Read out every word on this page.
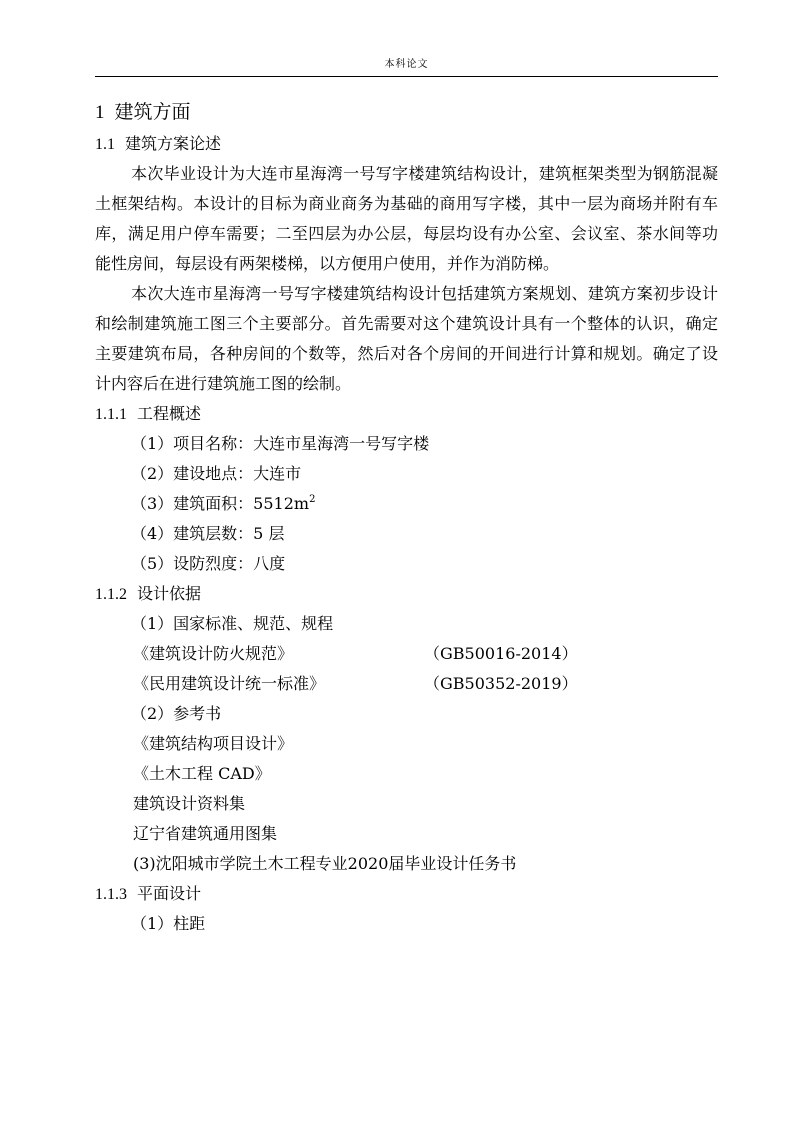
本科论文
1 建筑方面
1.1 建筑方案论述

本次毕业设计为大连市星海湾一号写字楼建筑结构设计，建筑框架类型为钢筋混凝土框架结构。本设计的目标为商业商务为基础的商用写字楼，其中一层为商场并附有车库，满足用户停车需要；二至四层为办公层，每层均设有办公室、会议室、茶水间等功能性房间，每层设有两架楼梯，以方便用户使用，并作为消防梯。

本次大连市星海湾一号写字楼建筑结构设计包括建筑方案规划、建筑方案初步设计和绘制建筑施工图三个主要部分。首先需要对这个建筑设计具有一个整体的认识，确定主要建筑布局，各种房间的个数等，然后对各个房间的开间进行计算和规划。确定了设计内容后在进行建筑施工图的绘制。

1.1.1 工程概述
（1）项目名称：大连市星海湾一号写字楼
（2）建设地点：大连市
（3）建筑面积：$5512m^2$
（4）建筑层数：5 层
（5）设防烈度：八度
1.1.2 设计依据
（1）国家标准、规范、规程
《建筑设计防火规范》	（GB50016-2014）
《民用建筑设计统一标准》	（GB50352-2019）
（2）参考书
《建筑结构项目设计》
《土木工程 CAD》
建筑设计资料集
辽宁省建筑通用图集
(3)沈阳城市学院土木工程专业2020届毕业设计任务书
1.1.3 平面设计
（1）柱距
